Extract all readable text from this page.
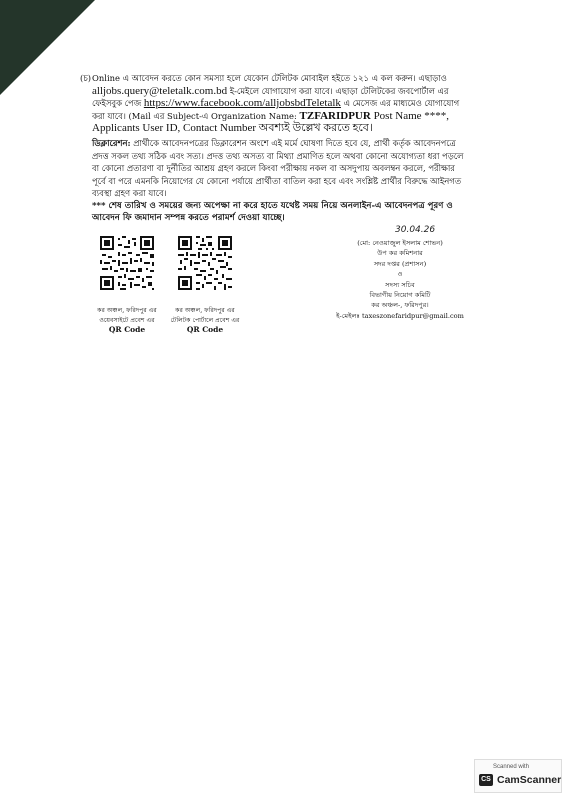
(চ) Online এ আবেদন করতে কোন সমস্যা হলে যেকোন টেলিটক মোবাইল হইতে ১২১ এ কল করুন। এছাড়াও alljobs.query@teletalk.com.bd ই-মেইলে যোগাযোগ করা যাবে। এছাড়া টেলিটকের জবপোর্টাল এর ফেইসবুক পেজ https://www.facebook.com/alljobsbdTeletalk এ মেসেজ এর মাধ্যমেও যোগাযোগ করা যাবে। (Mail এর Subject-এ Organization Name: TZFARIDPUR Post Name ****, Applicants User ID, Contact Number অবশ্যই উল্লেখ করতে হবে।
ডিক্লারেশন: প্রার্থীকে আবেদনপত্রের ডিক্লারেশন অংশে এই মর্মে ঘোষণা দিতে হবে যে, প্রার্থী কর্তৃক আবেদনপত্রে প্রদত্ত সকল তথ্য সঠিক এবং সত্য। প্রদত্ত তথ্য অসত্য বা মিথ্যা প্রমাণিত হলে অথবা কোনো অযোগ্যতা ধরা পড়লে বা কোনো প্রতারণা বা দুর্নীতির আশ্রয় গ্রহণ করলে কিংবা পরীক্ষায় নকল বা অসদুপায় অবলম্বন করলে, পরীক্ষার পূর্বে বা পরে এমনকি নিয়োগের যে কোনো পর্যায়ে প্রার্থীতা বাতিল করা হবে এবং সংশ্লিষ্ট প্রার্থীর বিরুদ্ধে আইনগত ব্যবস্থা গ্রহণ করা যাবে।
*** শেষ তারিখ ও সময়ের জন্য অপেক্ষা না করে হাতে যথেষ্ট সময় নিয়ে অনলাইন-এ আবেদনপত্র পূরণ ও আবেদন ফি জমাদান সম্পন্ন করতে পরামর্শ দেওয়া যাচ্ছে।
কর অঞ্চল, ফরিদপুর এর
ওয়েবসাইটে প্রবেশ এর
QR Code
কর অঞ্চল, ফরিদপুর এর
টেলিটক পোর্টালে প্রবেশ এর
QR Code
30.04.26
(মো: নেওয়াজুল ইসলাম শোভন)
উপ কর কমিশনার
সদর দপ্তর (প্রশাসন)
ও
সদস্য সচিব
বিভাগীয় নিয়োগ কমিটি
কর অঞ্চল-, ফরিদপুর।
ই-মেইলঃ taxeszonefaridpur@gmail.com
Scanned with
CS CamScanner
